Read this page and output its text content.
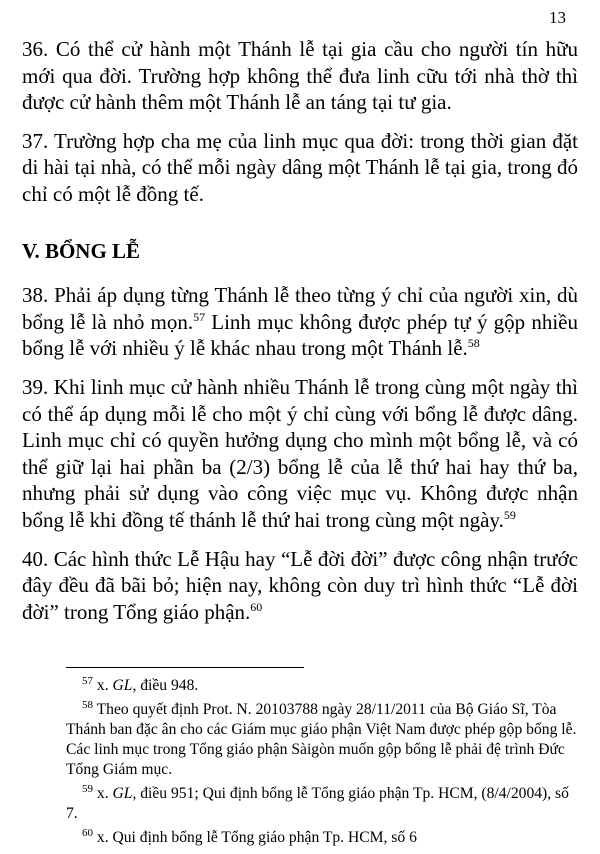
13

36. Có thể cử hành một Thánh lễ tại gia cầu cho người tín hữu mới qua đời. Trường hợp không thể đưa linh cữu tới nhà thờ thì được cử hành thêm một Thánh lễ an táng tại tư gia.

37. Trường hợp cha mẹ của linh mục qua đời: trong thời gian đặt di hài tại nhà, có thể mỗi ngày dâng một Thánh lễ tại gia, trong đó chỉ có một lễ đồng tế.

V. BỔNG LỄ

38. Phải áp dụng từng Thánh lễ theo từng ý chỉ của người xin, dù bổng lễ là nhỏ mọn.$^{57}$ Linh mục không được phép tự ý gộp nhiều bổng lễ với nhiều ý lễ khác nhau trong một Thánh lễ.$^{58}$

39. Khi linh mục cử hành nhiều Thánh lễ trong cùng một ngày thì có thể áp dụng mỗi lễ cho một ý chỉ cùng với bổng lễ được dâng. Linh mục chỉ có quyền hưởng dụng cho mình một bổng lễ, và có thể giữ lại hai phần ba (2/3) bổng lễ của lễ thứ hai hay thứ ba, nhưng phải sử dụng vào công việc mục vụ. Không được nhận bổng lễ khi đồng tế thánh lễ thứ hai trong cùng một ngày.$^{59}$

40. Các hình thức Lễ Hậu hay “Lễ đời đời” được công nhận trước đây đều đã bãi bỏ; hiện nay, không còn duy trì hình thức “Lễ đời đời” trong Tổng giáo phận.$^{60}$

$^{57}$ x. GL, điều 948.

$^{58}$ Theo quyết định Prot. N. 20103788 ngày 28/11/2011 của Bộ Giáo Sĩ, Tòa Thánh ban đặc ân cho các Giám mục giáo phận Việt Nam được phép gộp bổng lễ. Các linh mục trong Tổng giáo phận Sàigòn muốn gộp bổng lễ phải đệ trình Đức Tổng Giám mục.

$^{59}$ x. GL, điều 951; Qui định bổng lễ Tổng giáo phận Tp. HCM, (8/4/2004), số 7.

$^{60}$ x. Qui định bổng lễ Tổng giáo phận Tp. HCM, số 6
